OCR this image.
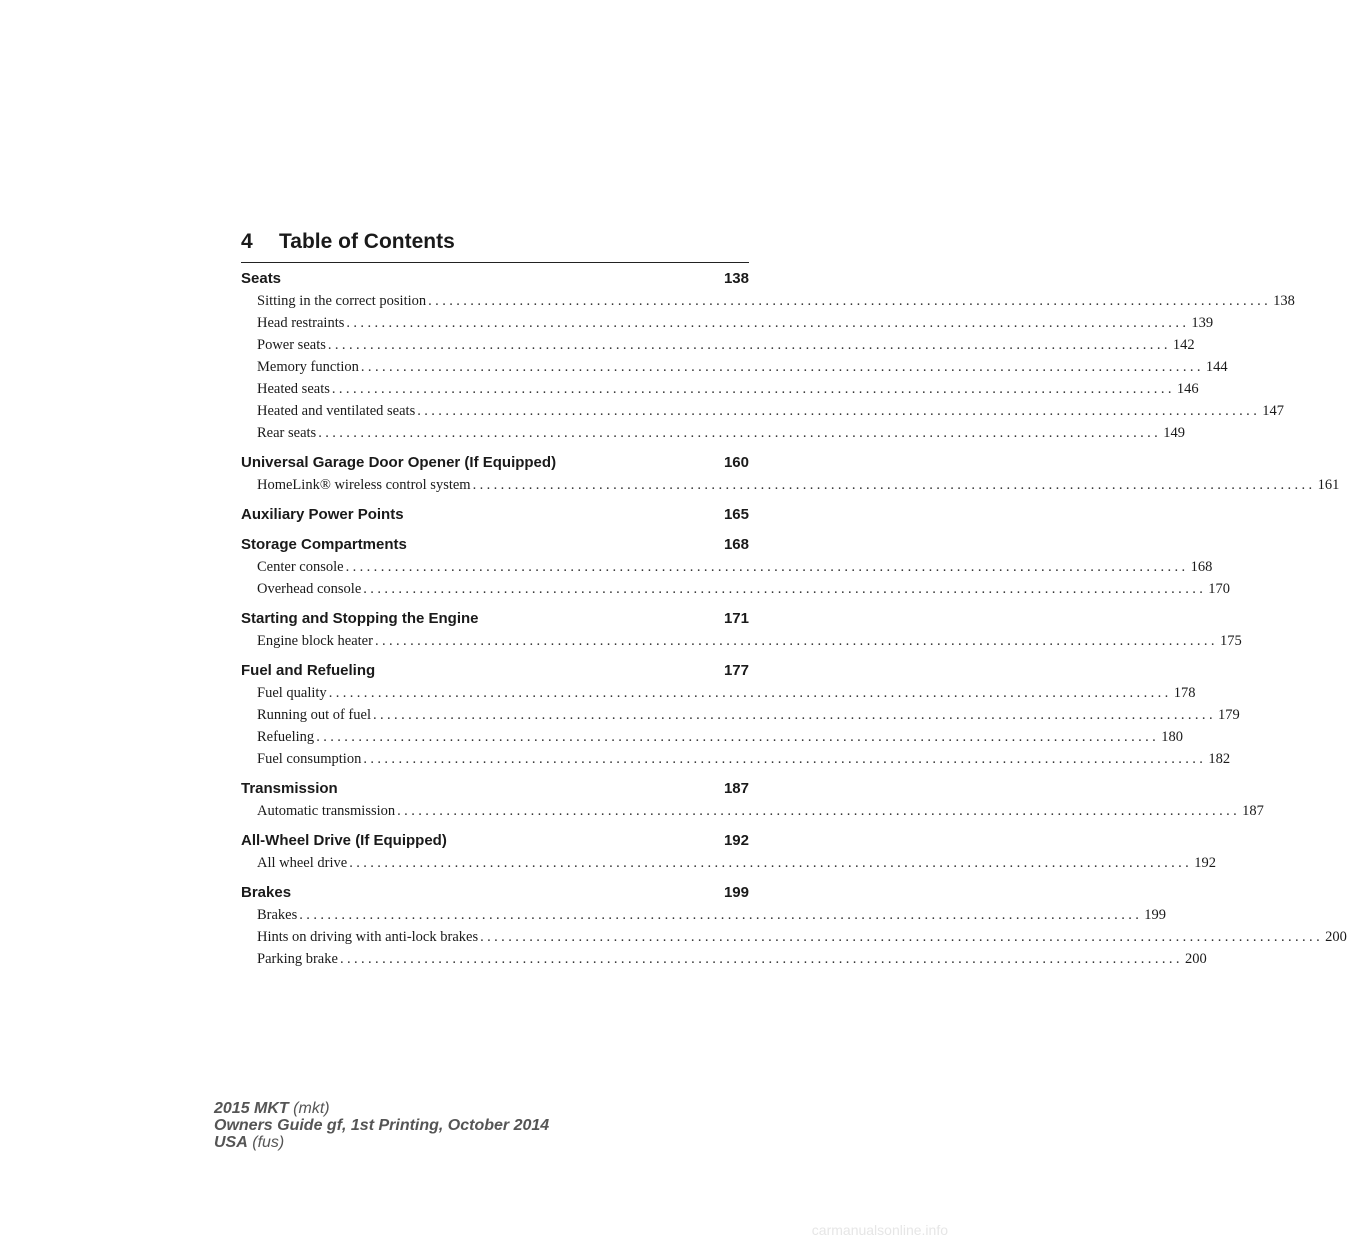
4 Table of Contents
Seats	138
Sitting in the correct position ........................................................................................................................ 138
Head restraints ........................................................................................................................ 139
Power seats ........................................................................................................................ 142
Memory function ........................................................................................................................ 144
Heated seats ........................................................................................................................ 146
Heated and ventilated seats ........................................................................................................................ 147
Rear seats ........................................................................................................................ 149
Universal Garage Door Opener (If Equipped)	160
HomeLink® wireless control system ........................................................................................................................ 161
Auxiliary Power Points	165
Storage Compartments	168
Center console ........................................................................................................................ 168
Overhead console ........................................................................................................................ 170
Starting and Stopping the Engine	171
Engine block heater ........................................................................................................................ 175
Fuel and Refueling	177
Fuel quality ........................................................................................................................ 178
Running out of fuel ........................................................................................................................ 179
Refueling ........................................................................................................................ 180
Fuel consumption ........................................................................................................................ 182
Transmission	187
Automatic transmission ........................................................................................................................ 187
All-Wheel Drive (If Equipped)	192
All wheel drive ........................................................................................................................ 192
Brakes	199
Brakes ........................................................................................................................ 199
Hints on driving with anti-lock brakes ........................................................................................................................ 200
Parking brake ........................................................................................................................ 200
2015 MKT (mkt)
Owners Guide gf, 1st Printing, October 2014
USA (fus)
carmanualsonline.info
